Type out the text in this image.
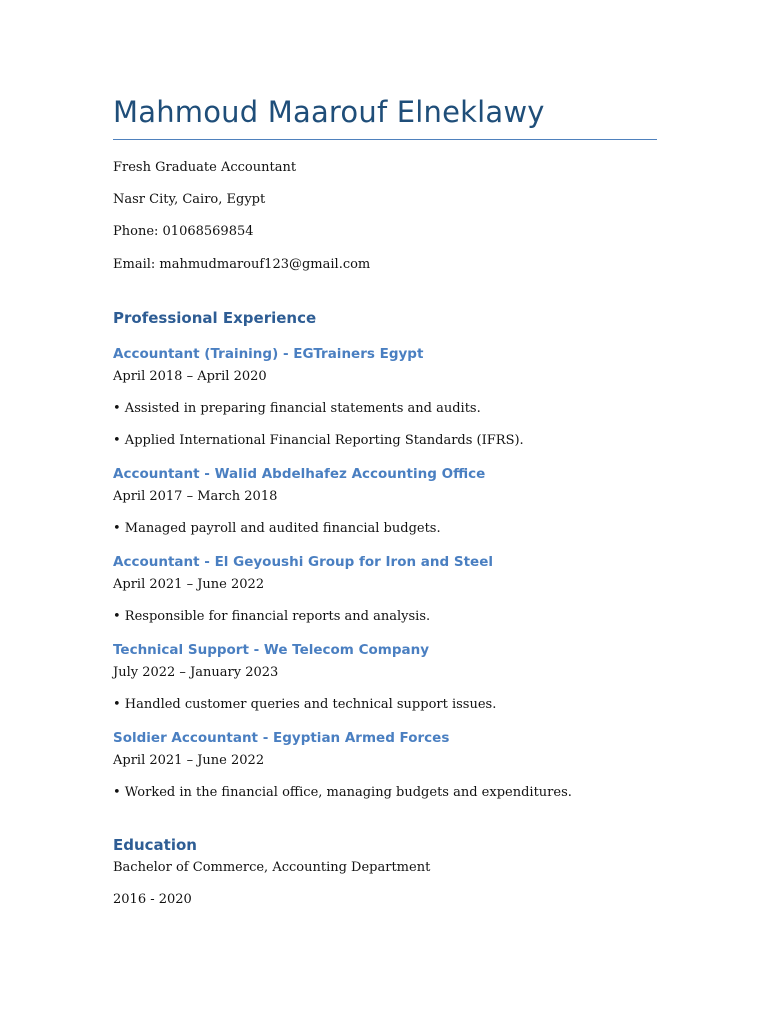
Mahmoud Maarouf Elneklawy
Fresh Graduate Accountant
Nasr City, Cairo, Egypt
Phone: 01068569854
Email: mahmudmarouf123@gmail.com
Professional Experience
Accountant (Training) - EGTrainers Egypt
April 2018 – April 2020
• Assisted in preparing financial statements and audits.
• Applied International Financial Reporting Standards (IFRS).
Accountant - Walid Abdelhafez Accounting Office
April 2017 – March 2018
• Managed payroll and audited financial budgets.
Accountant - El Geyoushi Group for Iron and Steel
April 2021 – June 2022
• Responsible for financial reports and analysis.
Technical Support - We Telecom Company
July 2022 – January 2023
• Handled customer queries and technical support issues.
Soldier Accountant - Egyptian Armed Forces
April 2021 – June 2022
• Worked in the financial office, managing budgets and expenditures.
Education
Bachelor of Commerce, Accounting Department
2016 - 2020
